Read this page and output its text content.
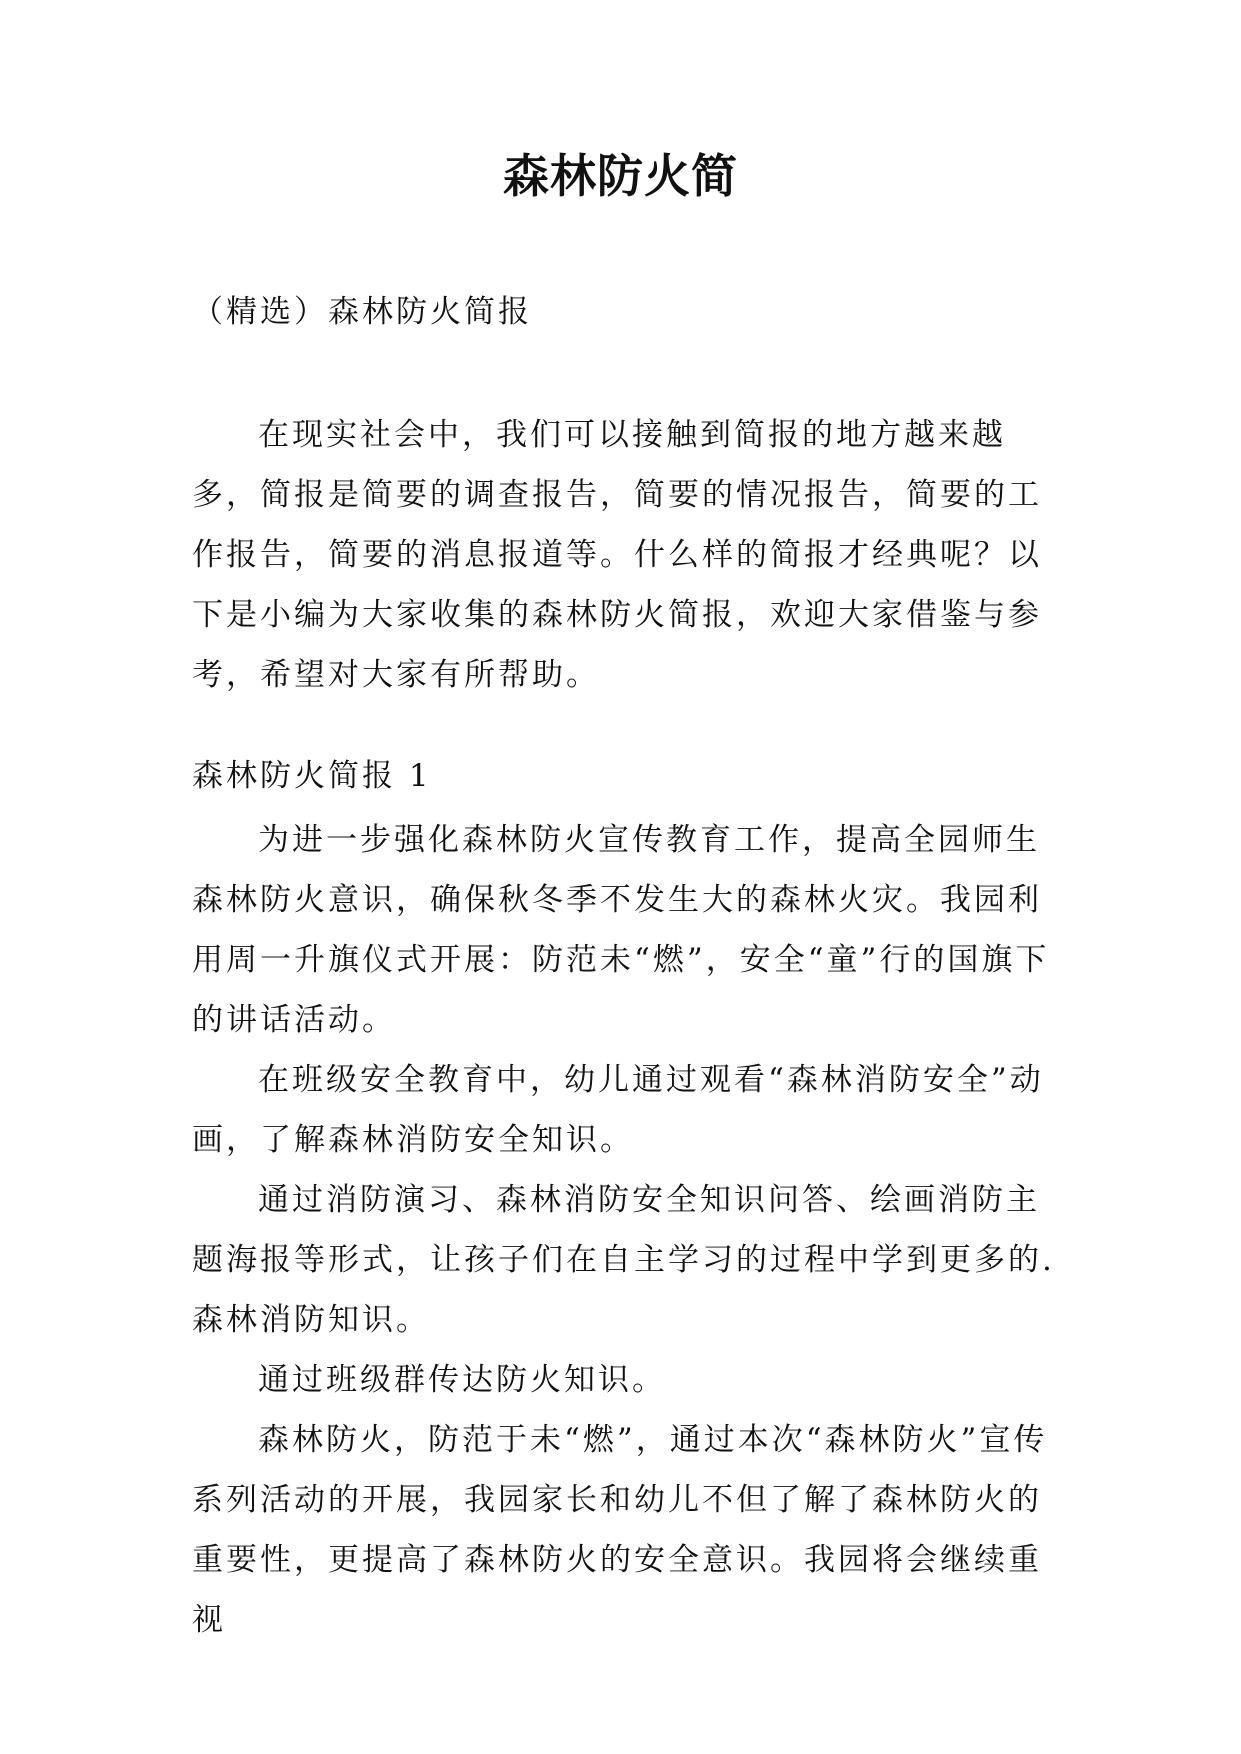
森林防火简

（精选）森林防火简报

在现实社会中，我们可以接触到简报的地方越来越多，简报是简要的调查报告，简要的情况报告，简要的工作报告，简要的消息报道等。什么样的简报才经典呢？以下是小编为大家收集的森林防火简报，欢迎大家借鉴与参考，希望对大家有所帮助。

森林防火简报 1

为进一步强化森林防火宣传教育工作，提高全园师生森林防火意识，确保秋冬季不发生大的森林火灾。我园利用周一升旗仪式开展：防范未“燃”，安全“童”行的国旗下的讲话活动。

在班级安全教育中，幼儿通过观看“森林消防安全”动画，了解森林消防安全知识。

通过消防演习、森林消防安全知识问答、绘画消防主题海报等形式，让孩子们在自主学习的过程中学到更多的.森林消防知识。

通过班级群传达防火知识。

森林防火，防范于未“燃”，通过本次“森林防火”宣传系列活动的开展，我园家长和幼儿不但了解了森林防火的重要性，更提高了森林防火的安全意识。我园将会继续重视
